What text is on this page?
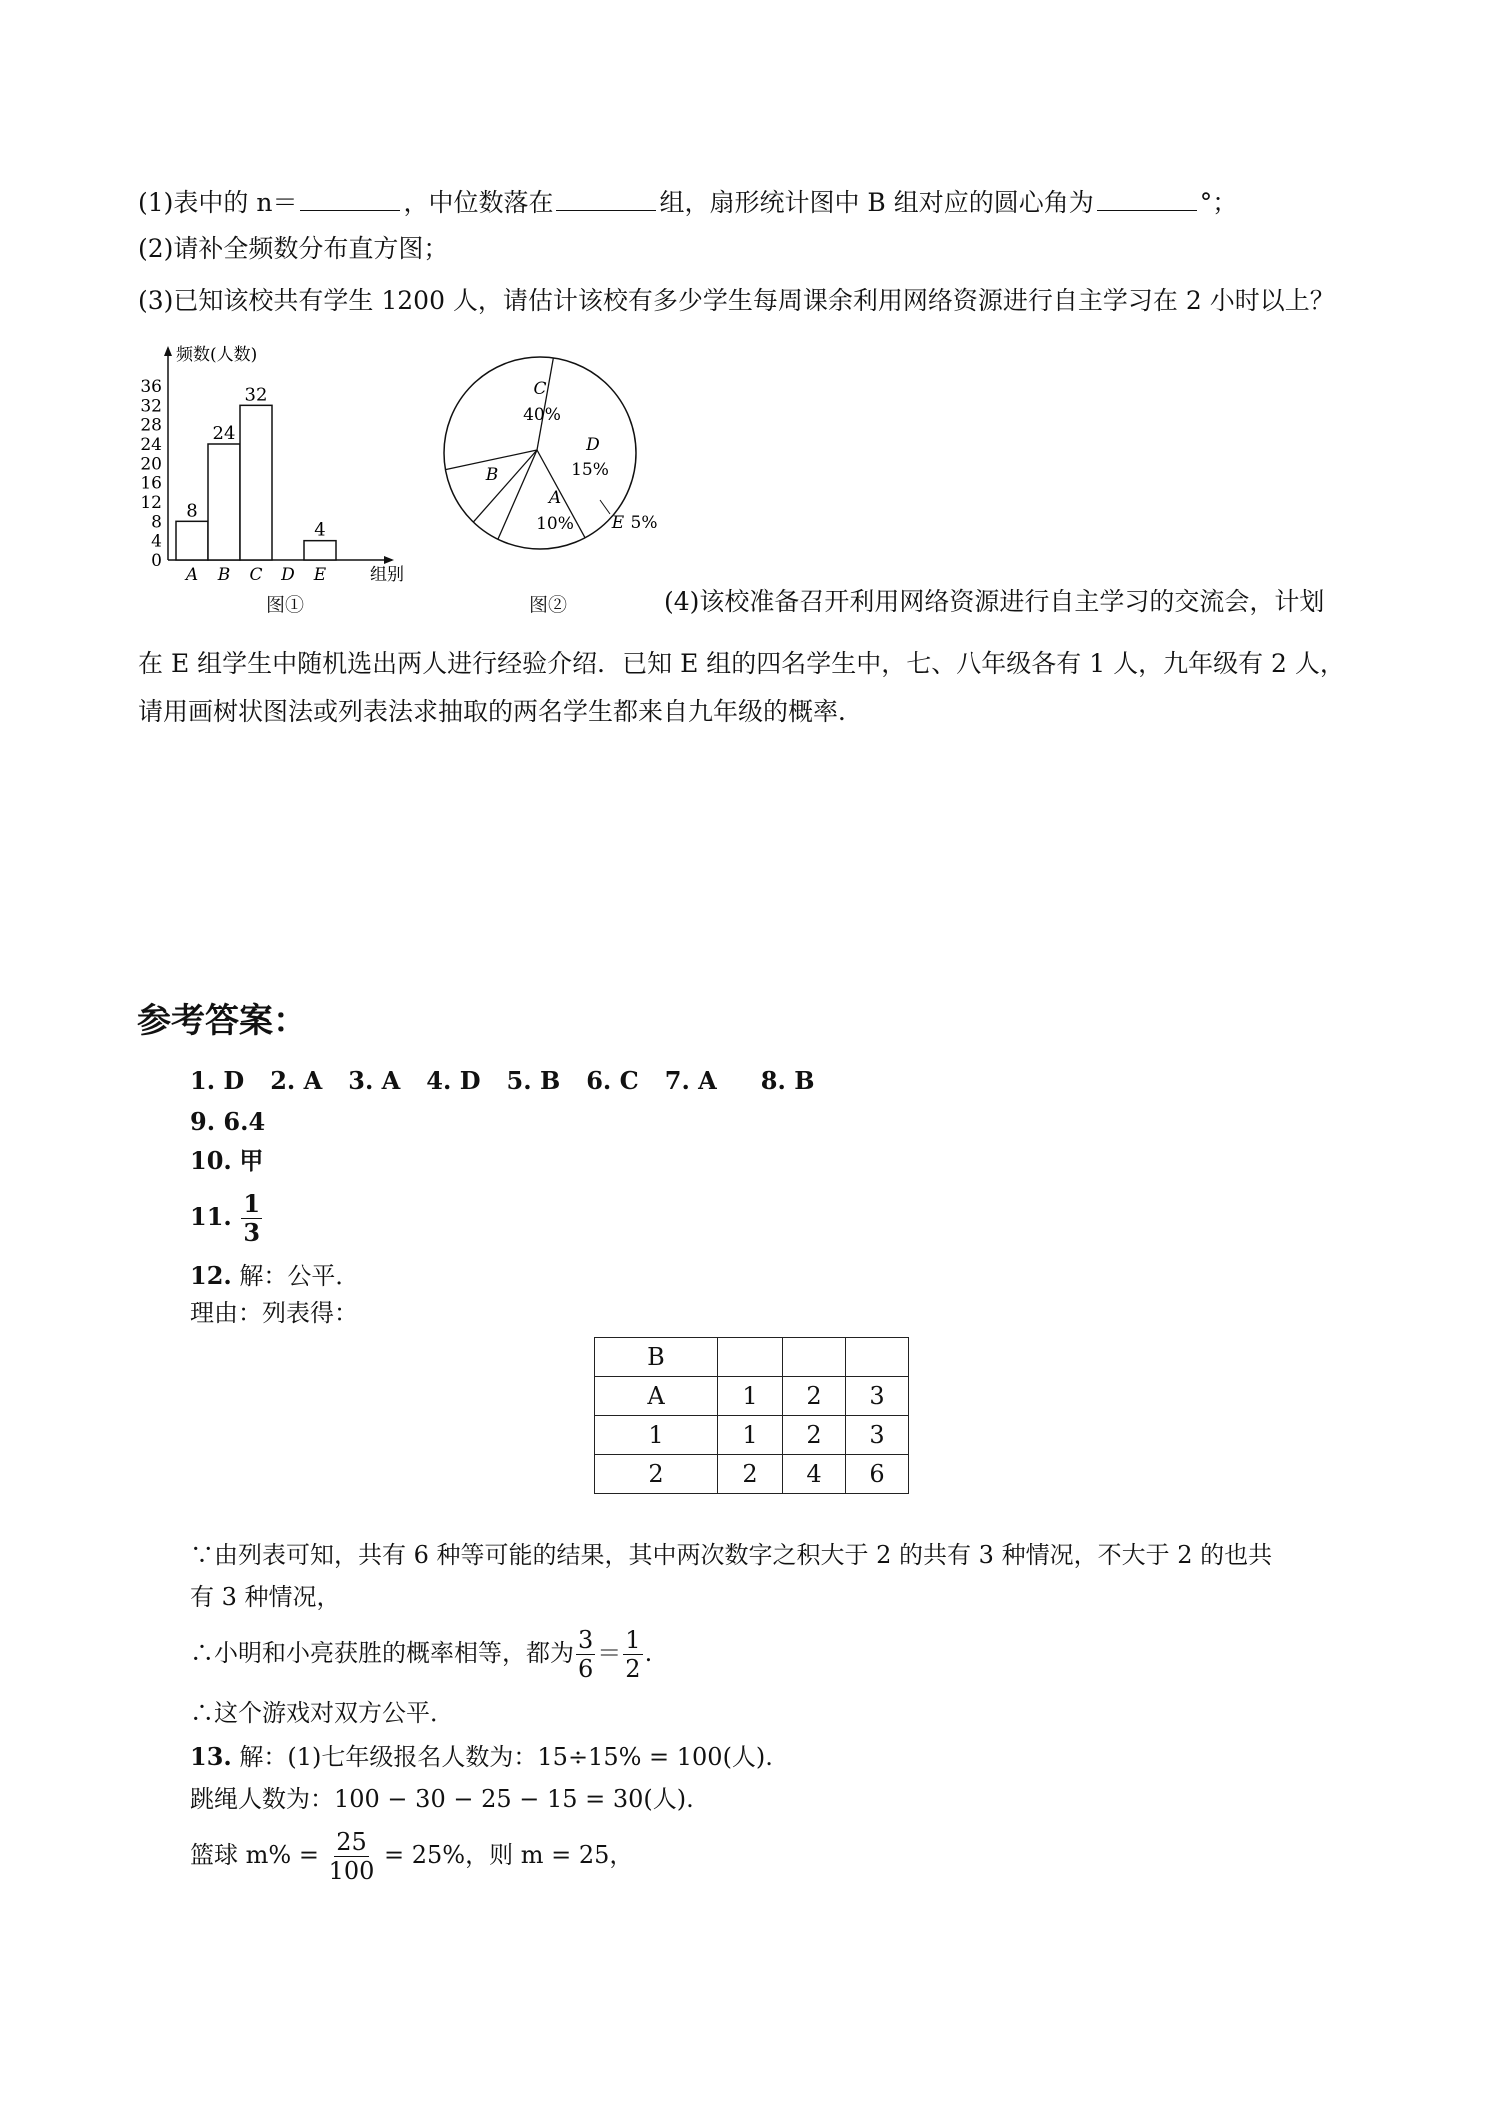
(1)表中的 n＝	，中位数落在	组，扇形统计图中 B 组对应的圆心角为	°；
(2)请补全频数分布直方图；
(3)已知该校共有学生 1200 人，请估计该校有多少学生每周课余利用网络资源进行自主学习在 2 小时以上？
频数(人数)
组别
0
4
8
12
16
20
24
28
32
36
8
A
24
B
32
C D
4
E
图①
C
40%
D
15%
E 5%
A
10%
B
图②	(4)该校准备召开利用网络资源进行自主学习的交流会，计划
在 E 组学生中随机选出两人进行经验介绍．已知 E 组的四名学生中，七、八年级各有 1 人，九年级有 2 人，
请用画树状图法或列表法求抽取的两名学生都来自九年级的概率．
参考答案：
1. D 2. A 3. A 4. D 5. B 6. C 7. A 8. B
9. 6.4
10. 甲
11. $\frac{1}{3}$
12. 解：公平．
理由：列表得：
B			
A	1	2	3
1	1	2	3
2	2	4	6
∵由列表可知，共有 6 种等可能的结果，其中两次数字之积大于 2 的共有 3 种情况，不大于 2 的也共
有 3 种情况，
∴小明和小亮获胜的概率相等，都为 $\frac{3}{6} = \frac{1}{2}$ .
∴这个游戏对双方公平．
13. 解：(1)七年级报名人数为：15÷15% = 100(人).
跳绳人数为：100 − 30 − 25 − 15 = 30(人).
篮球 $m\% = \frac{25}{100} = 25\%$，则 m = 25，
